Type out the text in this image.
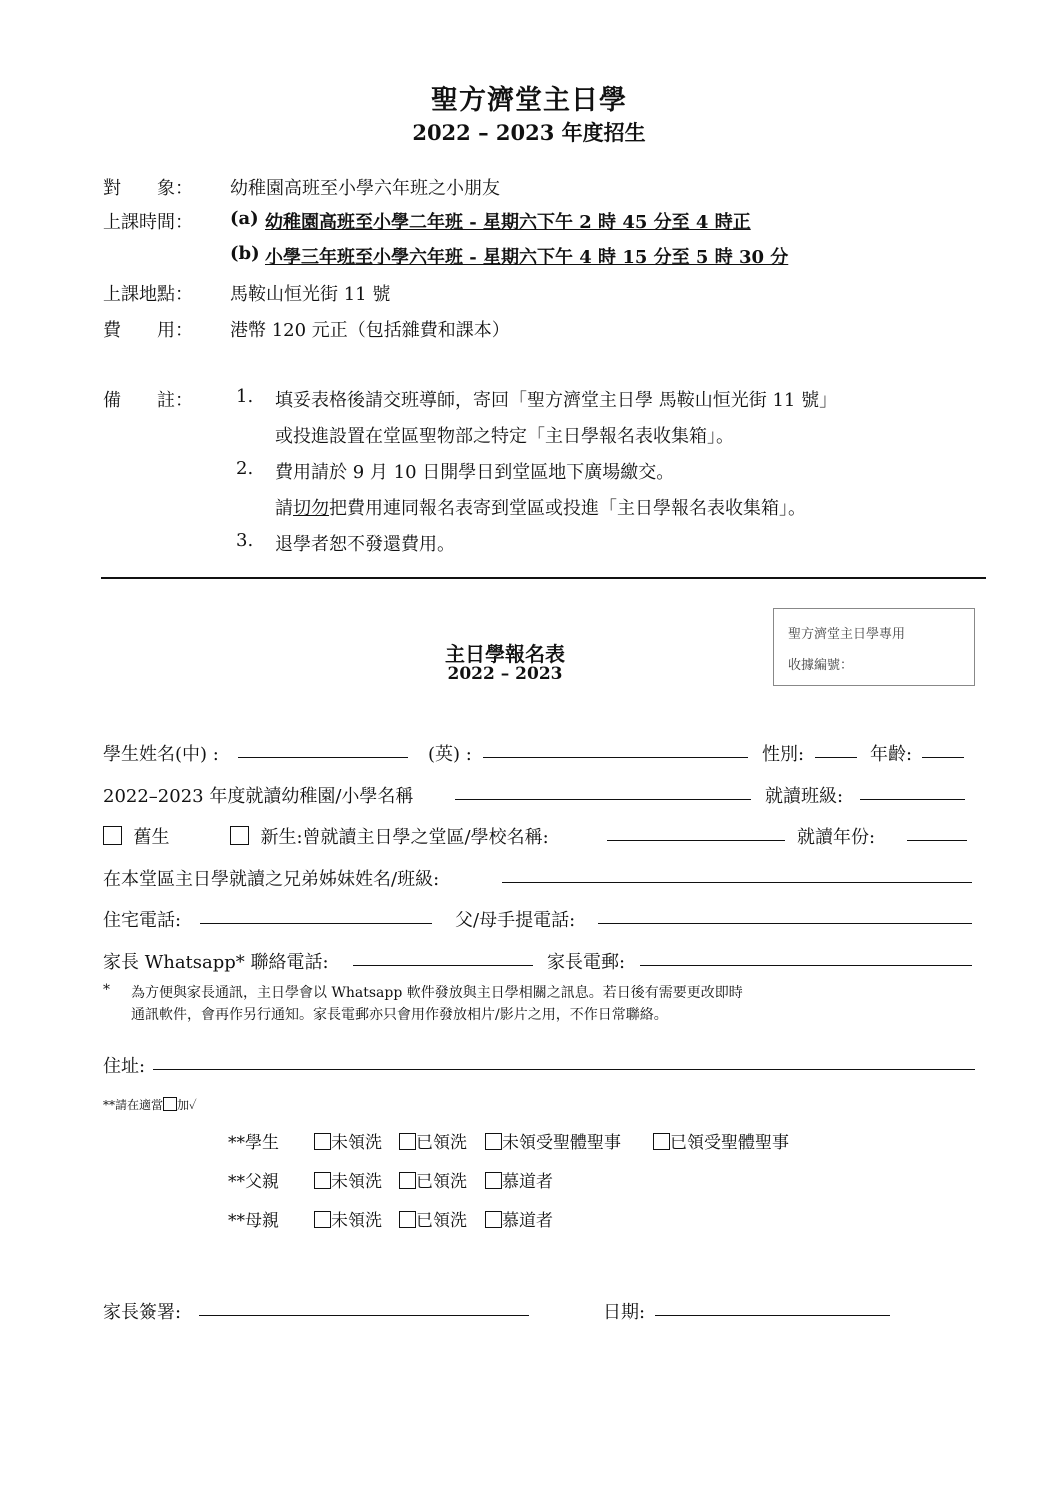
聖方濟堂主日學
2022 – 2023 年度招生
對　　象： 幼稚園高班至小學六年班之小朋友
上課時間： (a) 幼稚園高班至小學二年班 - 星期六下午 2 時 45 分至 4 時正
(b) 小學三年班至小學六年班 - 星期六下午 4 時 15 分至 5 時 30 分
上課地點： 馬鞍山恒光街 11 號
費　　用： 港幣 120 元正（包括雜費和課本）
備　　註： 1. 填妥表格後請交班導師，寄回「聖方濟堂主日學 馬鞍山恒光街 11 號」
或投進設置在堂區聖物部之特定「主日學報名表收集箱」。
2. 費用請於 9 月 10 日開學日到堂區地下廣場繳交。
請切勿把費用連同報名表寄到堂區或投進「主日學報名表收集箱」。
3. 退學者恕不發還費用。
聖方濟堂主日學專用
收據編號：
主日學報名表
2022 – 2023
學生姓名(中) :	(英) :	性別:	年齡:
2022–2023 年度就讀幼稚園/小學名稱	就讀班級:
舊生	新生:曾就讀主日學之堂區/學校名稱:	就讀年份:
在本堂區主日學就讀之兄弟姊妹姓名/班級:
住宅電話:	父/母手提電話:
家長 Whatsapp* 聯絡電話:	家長電郵:
* 為方便與家長通訊，主日學會以 Whatsapp 軟件發放與主日學相關之訊息。若日後有需要更改即時
通訊軟件，會再作另行通知。家長電郵亦只會用作發放相片/影片之用，不作日常聯絡。
住址:
**請在適當 加✓
**學生	未領洗	已領洗	未領受聖體聖事	已領受聖體聖事
**父親	未領洗	已領洗	慕道者
**母親	未領洗	已領洗	慕道者
家長簽署:	日期:
